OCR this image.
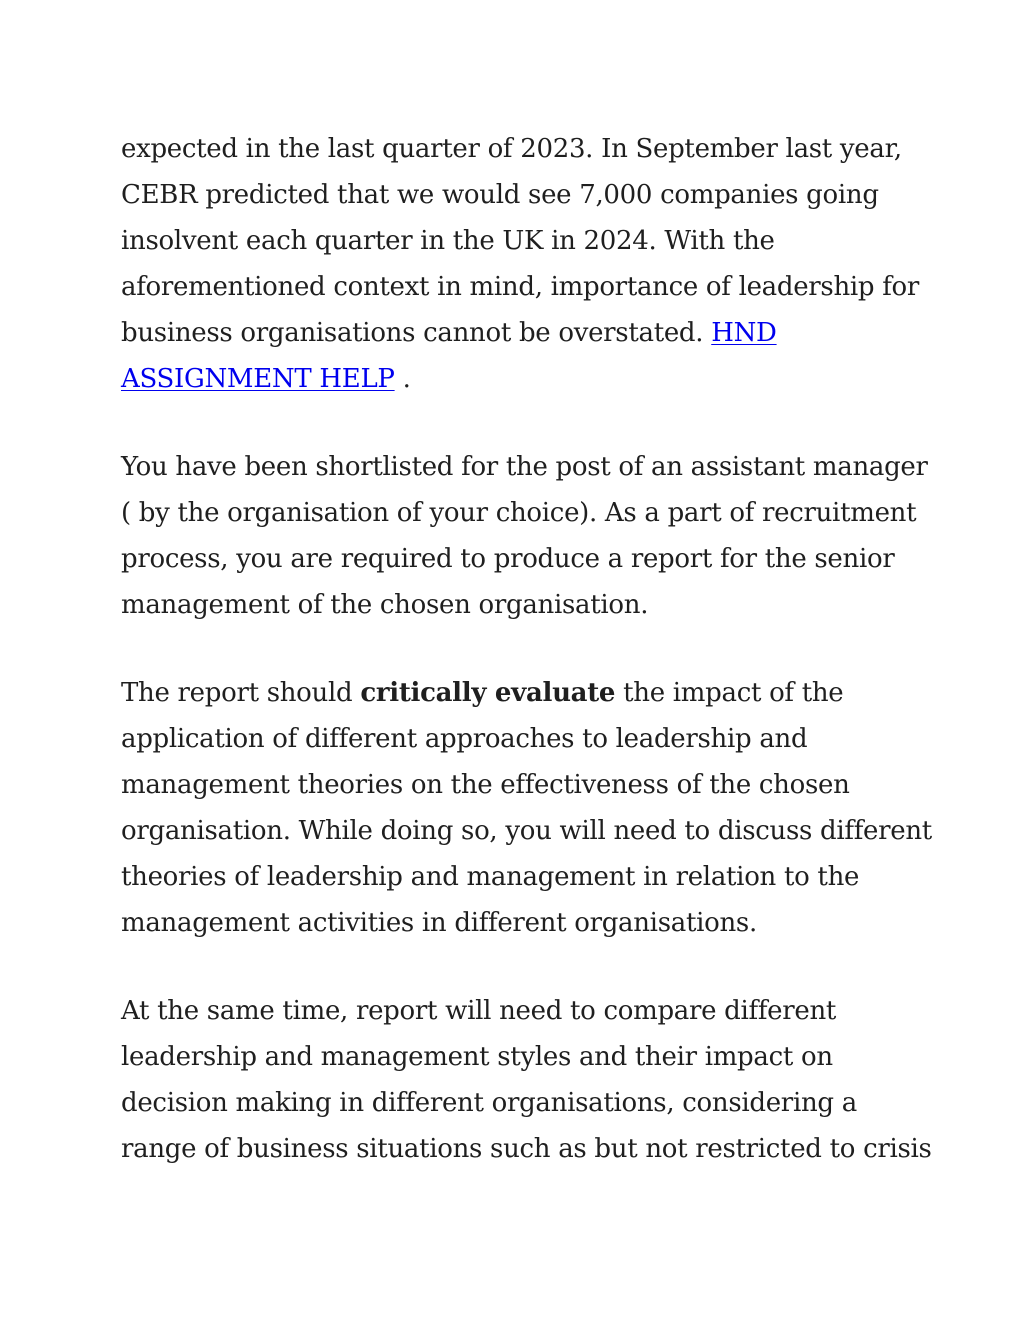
expected in the last quarter of 2023. In September last year,
CEBR predicted that we would see 7,000 companies going
insolvent each quarter in the UK in 2024. With the
aforementioned context in mind, importance of leadership for
business organisations cannot be overstated. HND
ASSIGNMENT HELP .
You have been shortlisted for the post of an assistant manager
( by the organisation of your choice). As a part of recruitment
process, you are required to produce a report for the senior
management of the chosen organisation.
The report should critically evaluate the impact of the
application of different approaches to leadership and
management theories on the effectiveness of the chosen
organisation. While doing so, you will need to discuss different
theories of leadership and management in relation to the
management activities in different organisations.
At the same time, report will need to compare different
leadership and management styles and their impact on
decision making in different organisations, considering a
range of business situations such as but not restricted to crisis
